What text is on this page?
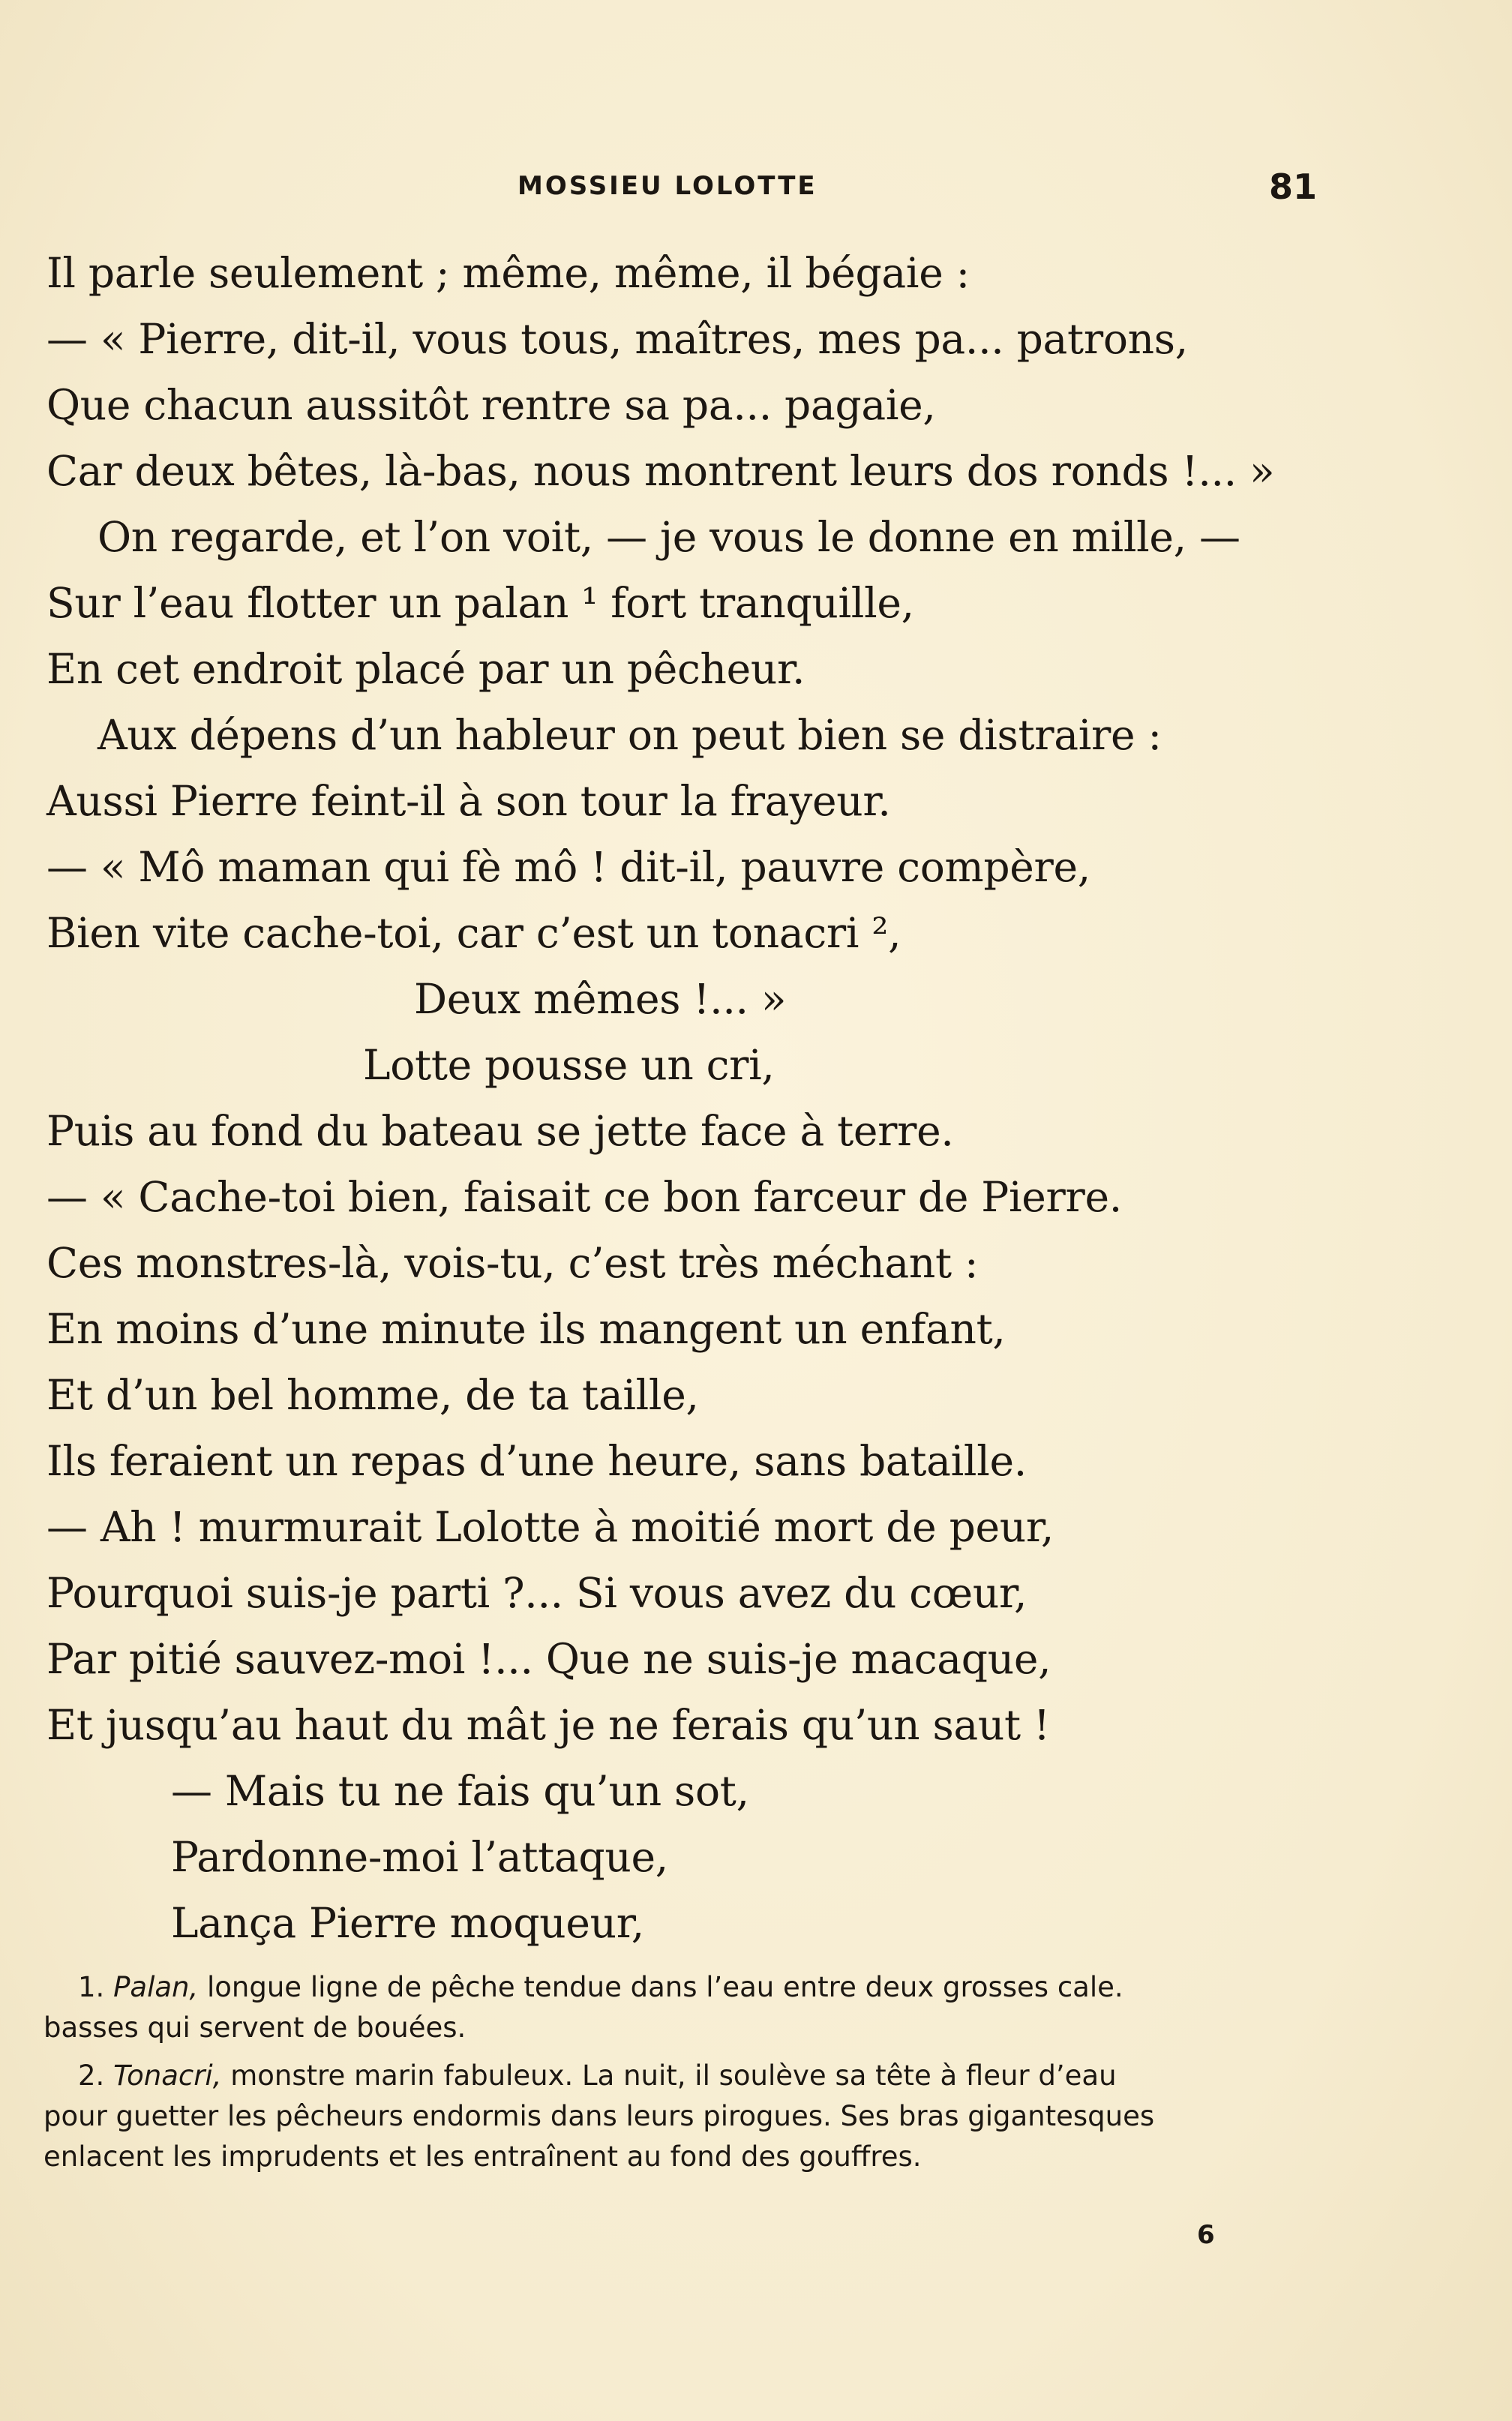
MOSSIEU LOLOTTE	81
Il parle seulement ; même, même, il bégaie :
— « Pierre, dit-il, vous tous, maîtres, mes pa... patrons,
Que chacun aussitôt rentre sa pa... pagaie,
Car deux bêtes, là-bas, nous montrent leurs dos ronds !... »
On regarde, et l’on voit, — je vous le donne en mille, —
Sur l’eau flotter un palan ¹ fort tranquille,
En cet endroit placé par un pêcheur.
Aux dépens d’un hableur on peut bien se distraire :
Aussi Pierre feint-il à son tour la frayeur.
— « Mô maman qui fè mô ! dit-il, pauvre compère,
Bien vite cache-toi, car c’est un tonacri ²,
Deux mêmes !... »
Lotte pousse un cri,
Puis au fond du bateau se jette face à terre.
— « Cache-toi bien, faisait ce bon farceur de Pierre.
Ces monstres-là, vois-tu, c’est très méchant :
En moins d’une minute ils mangent un enfant,
Et d’un bel homme, de ta taille,
Ils feraient un repas d’une heure, sans bataille.
— Ah ! murmurait Lolotte à moitié mort de peur,
Pourquoi suis-je parti ?... Si vous avez du cœur,
Par pitié sauvez-moi !... Que ne suis-je macaque,
Et jusqu’au haut du mât je ne ferais qu’un saut !
— Mais tu ne fais qu’un sot,
Pardonne-moi l’attaque,
Lança Pierre moqueur,
1. Palan, longue ligne de pêche tendue dans l’eau entre deux grosses cale.
basses qui servent de bouées.
2. Tonacri, monstre marin fabuleux. La nuit, il soulève sa tête à fleur d’eau
pour guetter les pêcheurs endormis dans leurs pirogues. Ses bras gigantesques
enlacent les imprudents et les entraînent au fond des gouffres.
6
